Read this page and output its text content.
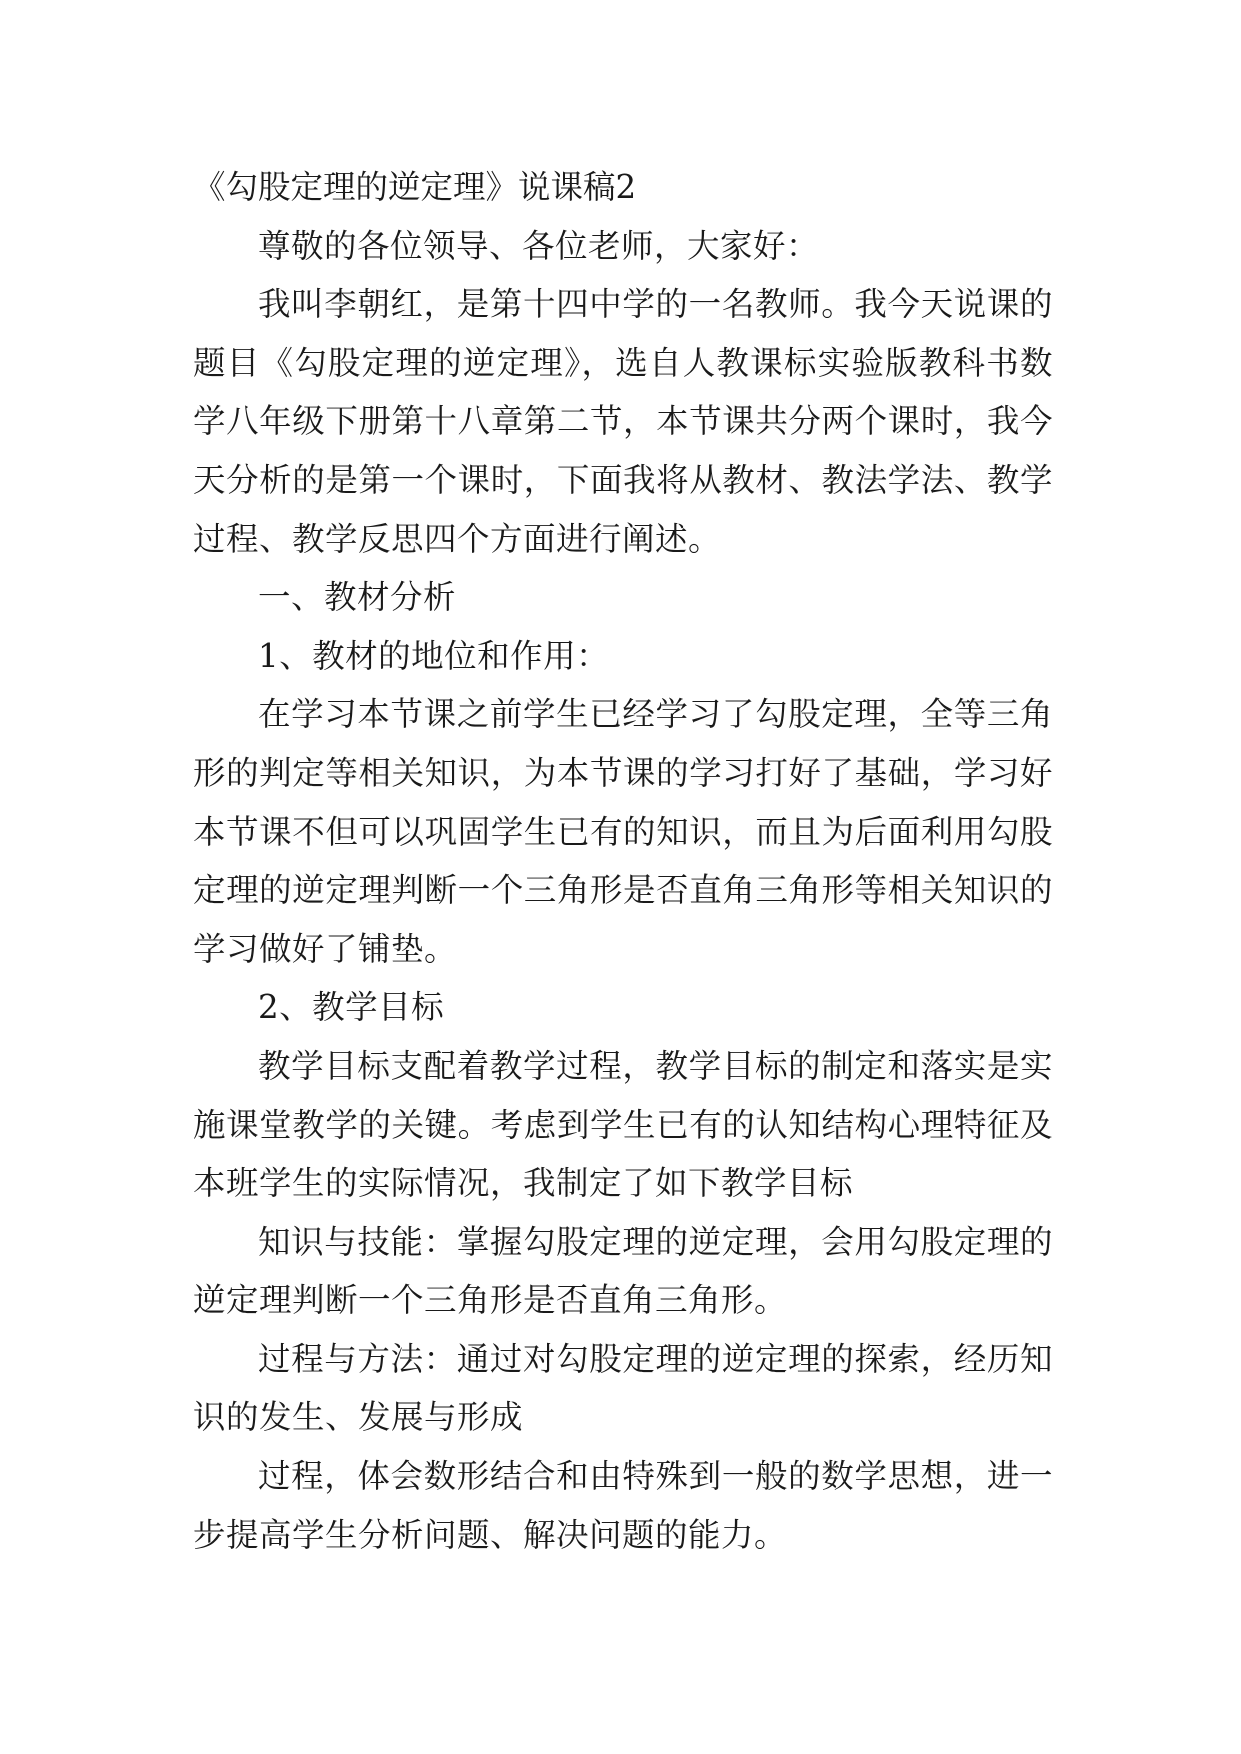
《勾股定理的逆定理》说课稿2

尊敬的各位领导、各位老师，大家好：

我叫李朝红，是第十四中学的一名教师。我今天说课的题目《勾股定理的逆定理》，选自人教课标实验版教科书数学八年级下册第十八章第二节，本节课共分两个课时，我今天分析的是第一个课时，下面我将从教材、教法学法、教学过程、教学反思四个方面进行阐述。

一、教材分析

1、教材的地位和作用：

在学习本节课之前学生已经学习了勾股定理，全等三角形的判定等相关知识，为本节课的学习打好了基础，学习好本节课不但可以巩固学生已有的知识，而且为后面利用勾股定理的逆定理判断一个三角形是否直角三角形等相关知识的学习做好了铺垫。

2、教学目标

教学目标支配着教学过程，教学目标的制定和落实是实施课堂教学的关键。考虑到学生已有的认知结构心理特征及本班学生的实际情况，我制定了如下教学目标

知识与技能：掌握勾股定理的逆定理，会用勾股定理的逆定理判断一个三角形是否直角三角形。

过程与方法：通过对勾股定理的逆定理的探索，经历知识的发生、发展与形成

过程，体会数形结合和由特殊到一般的数学思想，进一步提高学生分析问题、解决问题的能力。
